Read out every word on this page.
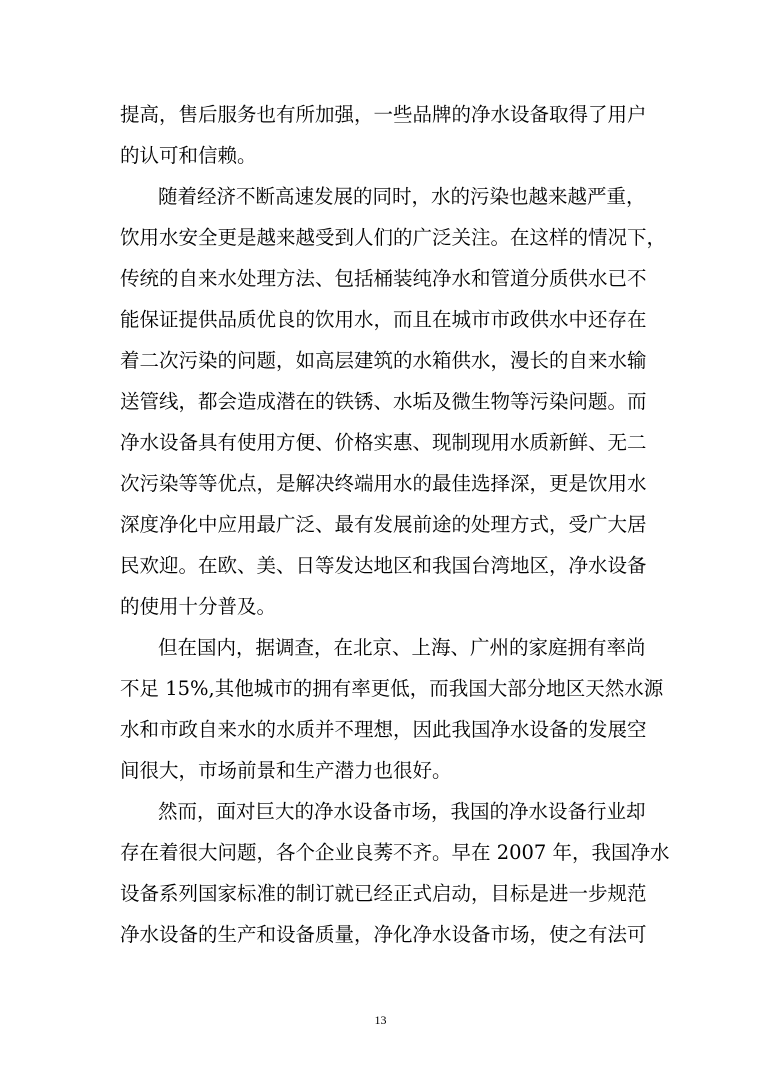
提高，售后服务也有所加强，一些品牌的净水设备取得了用户
的认可和信赖。
随着经济不断高速发展的同时，水的污染也越来越严重，
饮用水安全更是越来越受到人们的广泛关注。在这样的情况下，
传统的自来水处理方法、包括桶装纯净水和管道分质供水已不
能保证提供品质优良的饮用水，而且在城市市政供水中还存在
着二次污染的问题，如高层建筑的水箱供水，漫长的自来水输
送管线，都会造成潜在的铁锈、水垢及微生物等污染问题。而
净水设备具有使用方便、价格实惠、现制现用水质新鲜、无二
次污染等等优点，是解决终端用水的最佳选择深，更是饮用水
深度净化中应用最广泛、最有发展前途的处理方式，受广大居
民欢迎。在欧、美、日等发达地区和我国台湾地区，净水设备
的使用十分普及。
但在国内，据调查，在北京、上海、广州的家庭拥有率尚
不足 15%,其他城市的拥有率更低，而我国大部分地区天然水源
水和市政自来水的水质并不理想，因此我国净水设备的发展空
间很大，市场前景和生产潜力也很好。
然而，面对巨大的净水设备市场，我国的净水设备行业却
存在着很大问题，各个企业良莠不齐。早在 2007 年，我国净水
设备系列国家标准的制订就已经正式启动，目标是进一步规范
净水设备的生产和设备质量，净化净水设备市场，使之有法可
13
